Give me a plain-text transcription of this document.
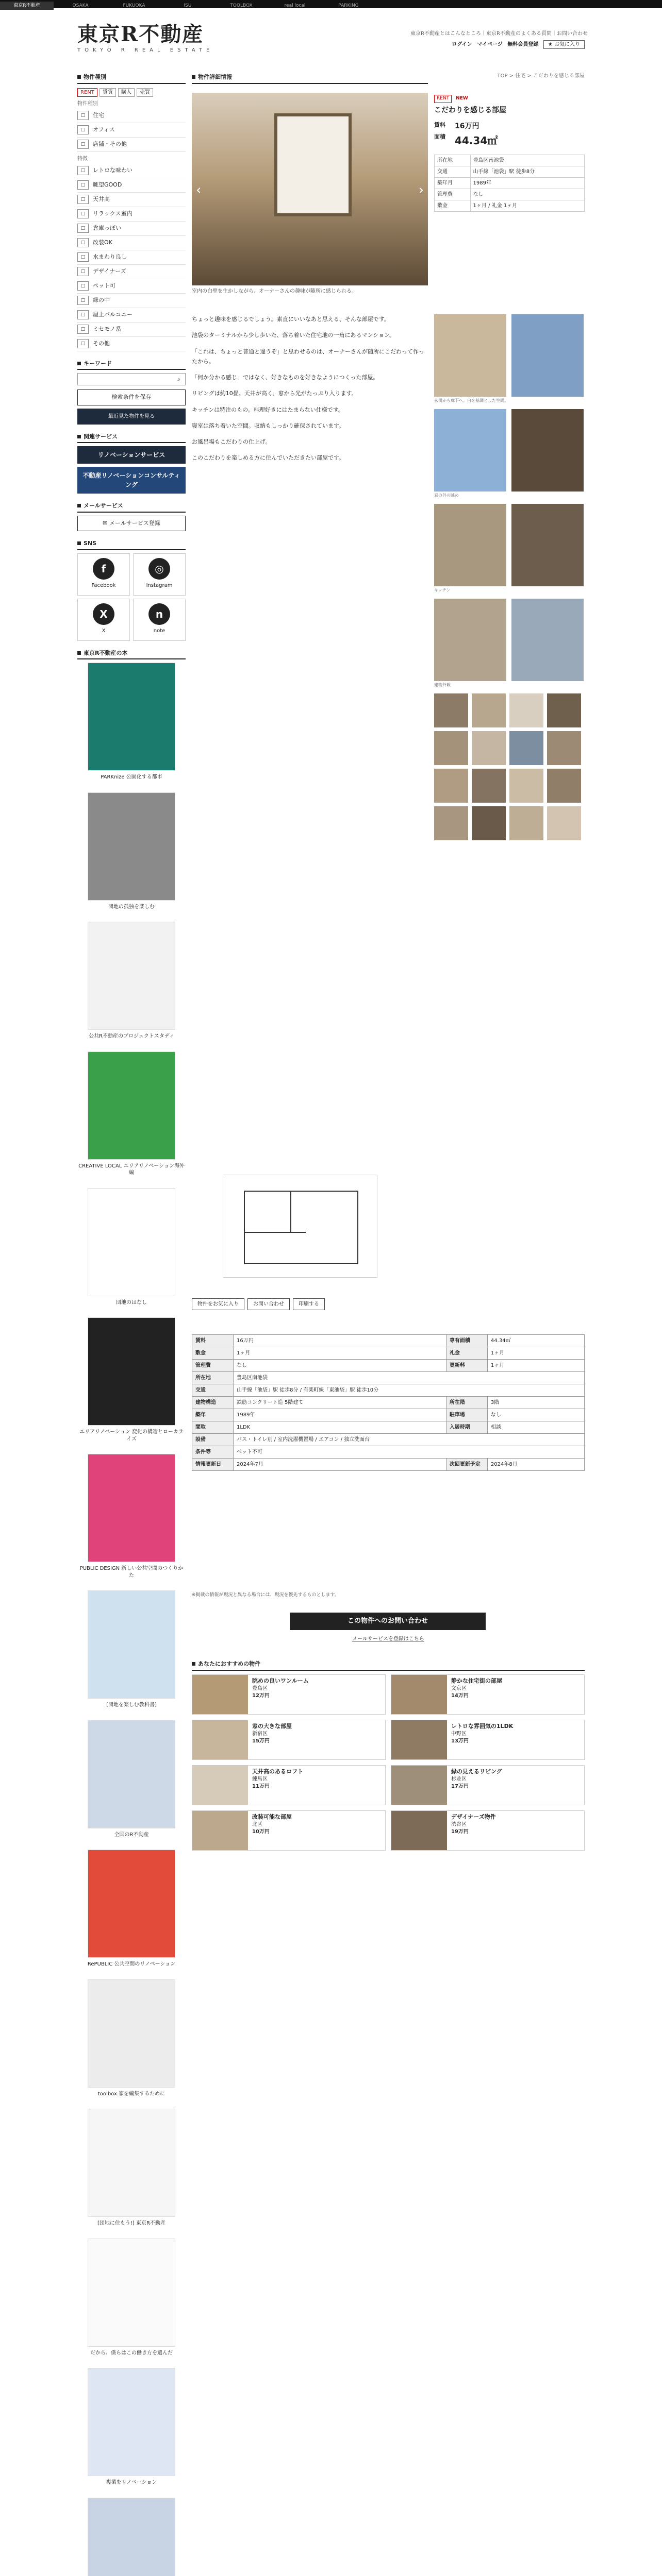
東京R不動産	OSAKA	FUKUOKA	ISU	TOOLBOX	real local	PARKING
東京R不動産
TOKYO R REAL ESTATE
東京R不動産とはこんなところ｜東京R不動産のよくある質問｜お問い合わせ
ログイン マイページ 無料会員登録 ★ お気に入り
物件種別
RENT 賃貸 購入 売買
物件種別
□	住宅
□	オフィス
□	店舗・その他
特徴
□	レトロな味わい
□	眺望GOOD
□	天井高
□	リラックス室内
□	倉庫っぽい
□	改装OK
□	水まわり良し
□	デザイナーズ
□	ペット可
□	緑の中
□	屋上バルコニー
□	ミセモノ系
□	その他
キーワード
⌕
検索条件を保存
最近見た物件を見る
関連サービス
リノベーションサービス
不動産リノベーションコンサルティング
メールサービス
✉ メールサービス登録
SNS
f
Facebook
◎
Instagram
X
X
n
note
東京R不動産の本
PARKnize 公園化する都市
団地の孤独を楽しむ
公共R不動産のプロジェクトスタディ
CREATIVE LOCAL エリアリノベーション海外編
団地のはなし
エリアリノベーション 変化の構造とローカライズ
PUBLIC DESIGN 新しい公共空間のつくりかた
[団地を楽しむ教科書]
全国のR不動産
RePUBLIC 公共空間のリノベーション
toolbox 家を編集するために
[団地に住もう!] 東京R不動産
だから、僕らはこの働き方を選んだ
複業をリノベーション
物件詳細情報	TOP > 住宅 > こだわりを感じる部屋
‹	›
室内の白壁を生かしながら、オーナーさんの趣味が随所に感じられる。
RENT NEW
こだわりを感じる部屋
賃料	16万円
面積 44.34㎡
所在地	豊島区南池袋
交通	山手線「池袋」駅 徒歩8分
築年月	1989年
管理費	なし
敷金	1ヶ月 / 礼金 1ヶ月

ちょっと趣味を感じるでしょう。素直にいいなあと思える、そんな部屋です。

池袋のターミナルから少し歩いた、落ち着いた住宅地の一角にあるマンション。

「これは、ちょっと普通と違うぞ」と思わせるのは、オーナーさんが随所にこだわって作ったから。

「何か分かる感じ」ではなく、好きなものを好きなようにつくった部屋。

リビングは約10畳。天井が高く、窓から光がたっぷり入ります。

キッチンは特注のもの。料理好きにはたまらない仕様です。

寝室は落ち着いた空間。収納もしっかり確保されています。

お風呂場もこだわりの仕上げ。

このこだわりを楽しめる方に住んでいただきたい部屋です。

玄関から廊下へ。白を基調とした空間。
窓の外の眺め
キッチン
建物外観
物件をお気に入り	お問い合わせ	印刷する
賃料	16万円	専有面積	44.34㎡
敷金	1ヶ月	礼金	1ヶ月
管理費	なし	更新料	1ヶ月
所在地	豊島区南池袋		
交通	山手線「池袋」駅 徒歩8分 / 有楽町線「東池袋」駅 徒歩10分		
建物構造	鉄筋コンクリート造 5階建て	所在階	3階
築年	1989年	駐車場	なし
間取	1LDK	入居時期	相談
設備	バス・トイレ別 / 室内洗濯機置場 / エアコン / 独立洗面台		
条件等	ペット不可		
情報更新日	2024年7月	次回更新予定	2024年8月
※掲載の情報が現況と異なる場合には、現況を優先するものとします。
この物件へのお問い合わせ
メールサービスを登録はこちら
あなたにおすすめの物件
眺めの良いワンルーム
豊島区
12万円
静かな住宅街の部屋
文京区
14万円
窓の大きな部屋
新宿区
15万円
レトロな雰囲気の1LDK
中野区
13万円
天井高のあるロフト
練馬区
11万円
緑の見えるリビング
杉並区
17万円
改装可能な部屋
北区
10万円
デザイナーズ物件
渋谷区
19万円
